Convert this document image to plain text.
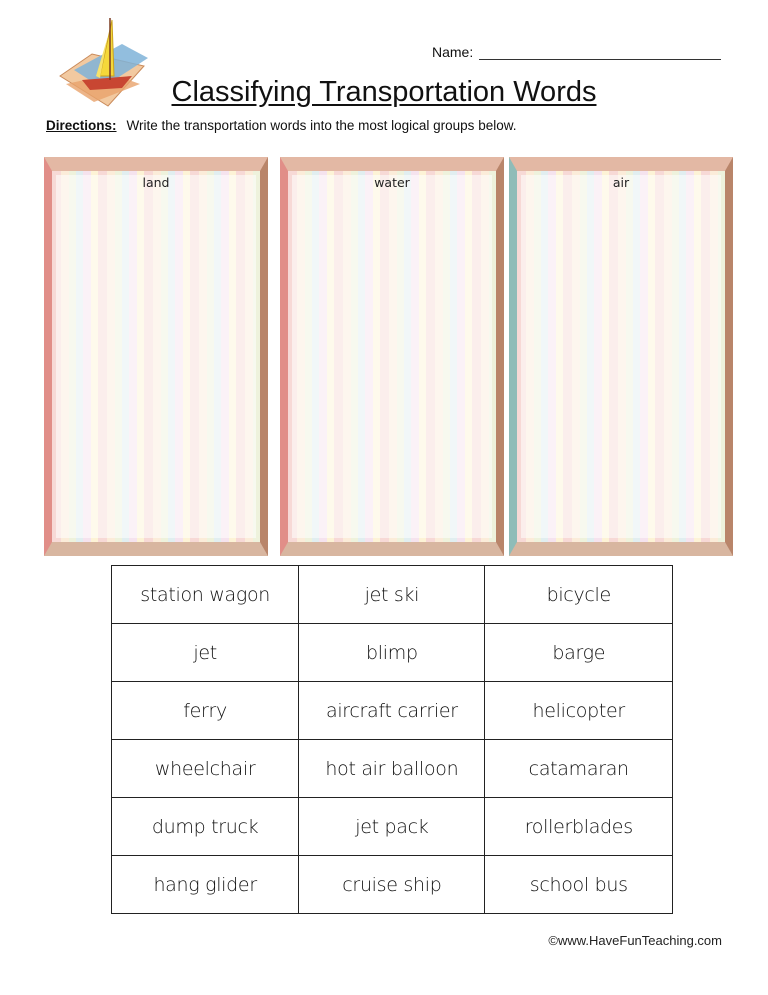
Name:
Classifying Transportation Words
Directions: Write the transportation words into the most logical groups below.
land	water	air
station wagon	jet ski	bicycle
jet	blimp	barge
ferry	aircraft carrier	helicopter
wheelchair	hot air balloon	catamaran
dump truck	jet pack	rollerblades
hang glider	cruise ship	school bus
©www.HaveFunTeaching.com
